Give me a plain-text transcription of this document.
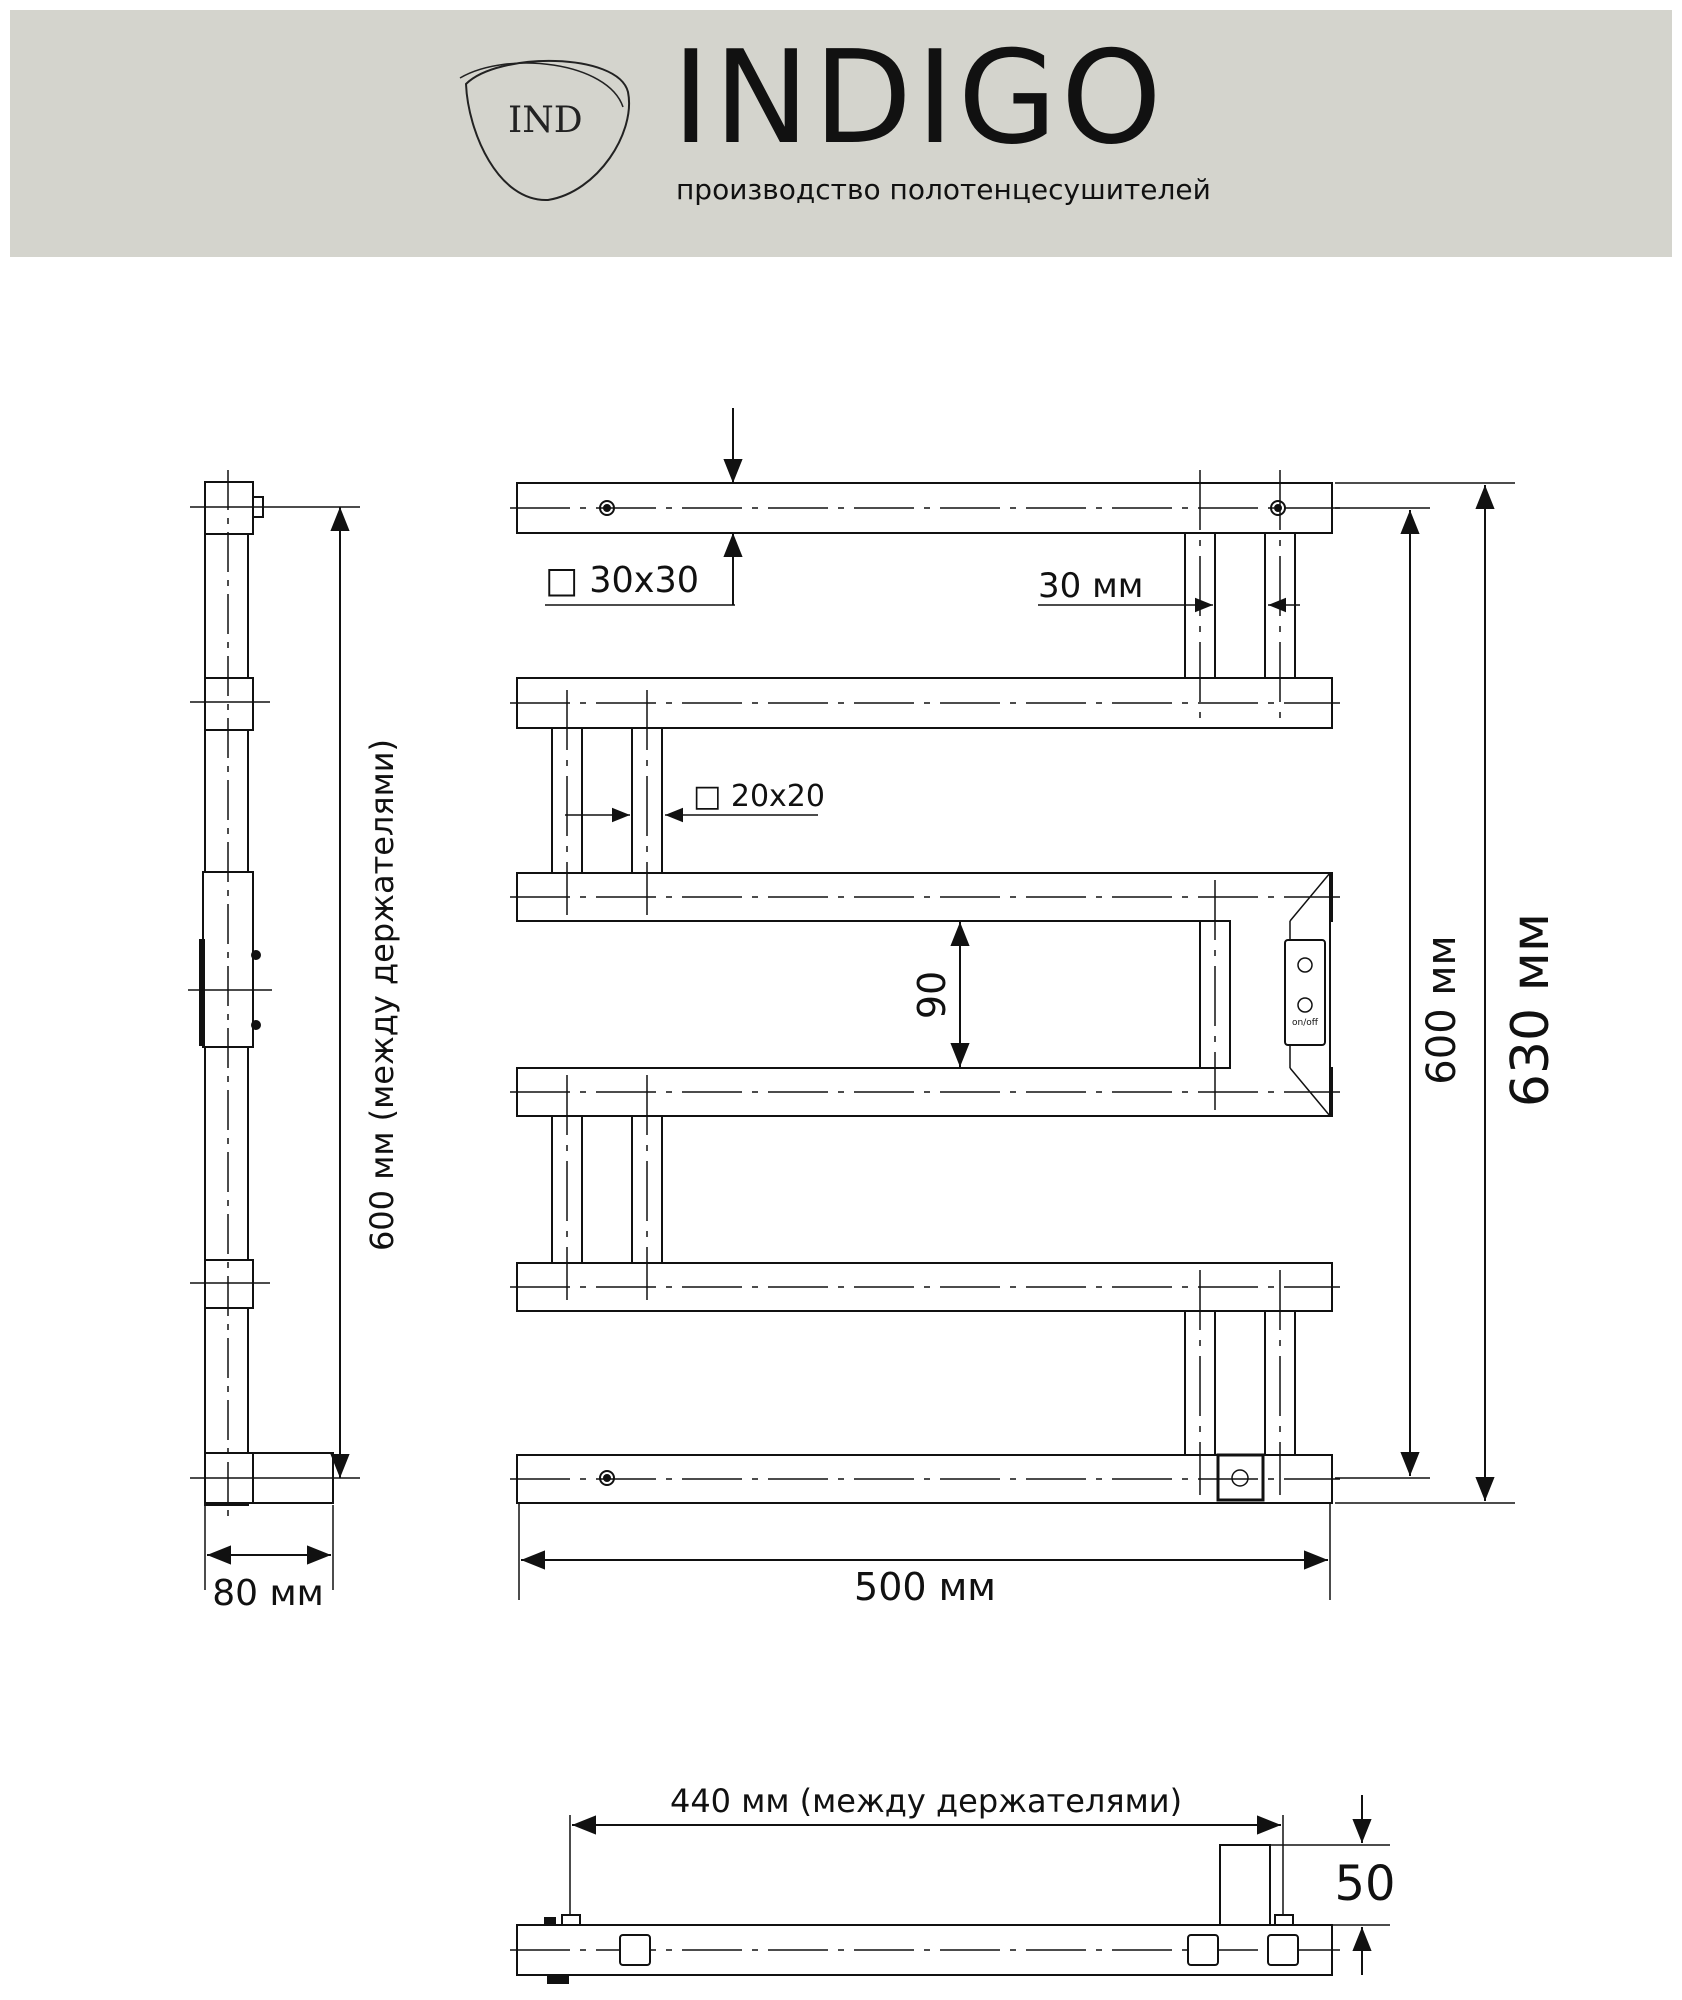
IND INDIGO
производство полотенцесушителей
600 мм (между держателями)
80 мм
□ 30x30	30 мм
□ 20x20
90
500 мм
600 мм 630 мм
on/off
440 мм (между держателями)
50
